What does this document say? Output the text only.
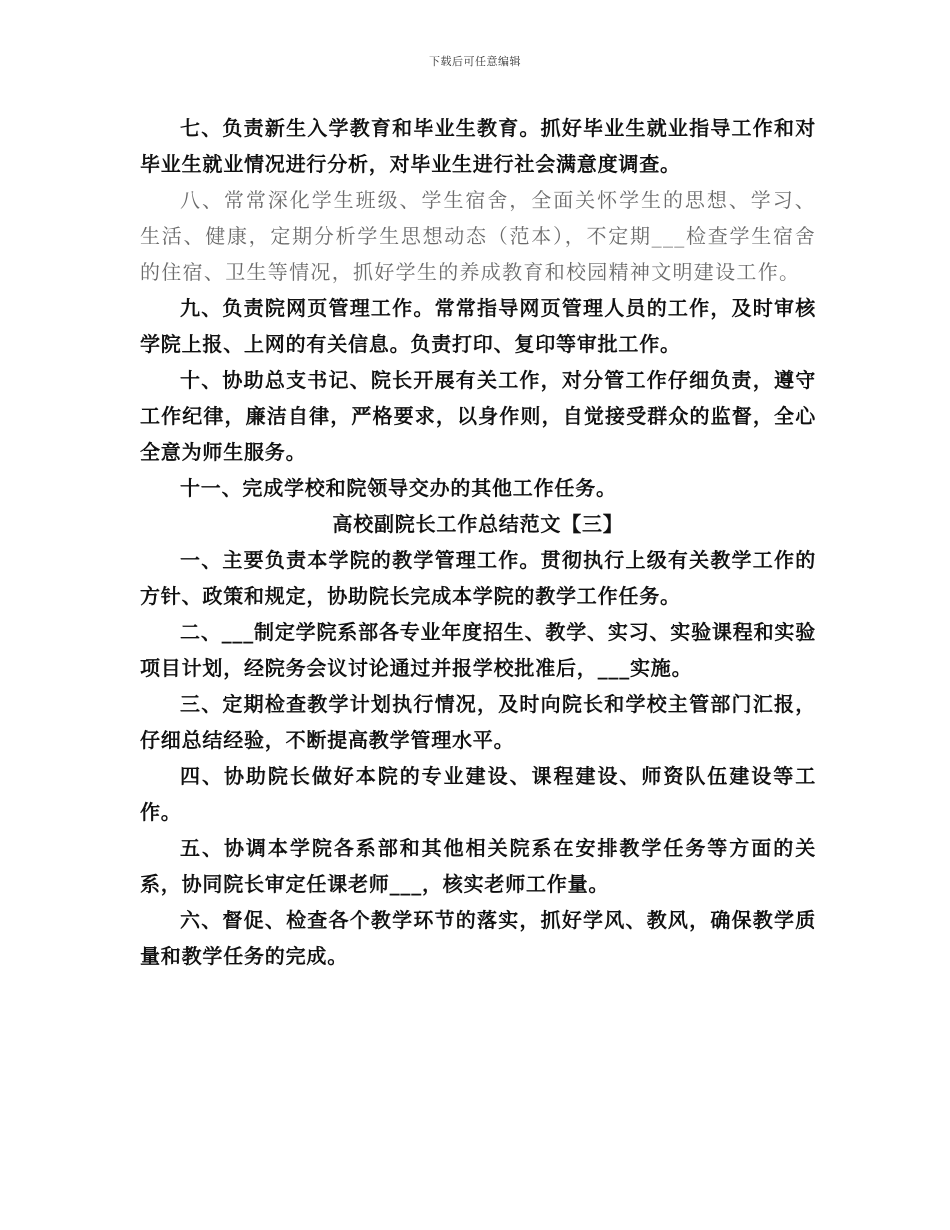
下载后可任意编辑

七、负责新生入学教育和毕业生教育。抓好毕业生就业指导工作和对毕业生就业情况进行分析，对毕业生进行社会满意度调查。

八、常常深化学生班级、学生宿舍，全面关怀学生的思想、学习、生活、健康，定期分析学生思想动态（范本），不定期___检查学生宿舍的住宿、卫生等情况，抓好学生的养成教育和校园精神文明建设工作。

九、负责院网页管理工作。常常指导网页管理人员的工作，及时审核学院上报、上网的有关信息。负责打印、复印等审批工作。

十、协助总支书记、院长开展有关工作，对分管工作仔细负责，遵守工作纪律，廉洁自律，严格要求，以身作则，自觉接受群众的监督，全心全意为师生服务。

十一、完成学校和院领导交办的其他工作任务。

高校副院长工作总结范文【三】

一、主要负责本学院的教学管理工作。贯彻执行上级有关教学工作的方针、政策和规定，协助院长完成本学院的教学工作任务。

二、___制定学院系部各专业年度招生、教学、实习、实验课程和实验项目计划，经院务会议讨论通过并报学校批准后，___实施。

三、定期检查教学计划执行情况，及时向院长和学校主管部门汇报，仔细总结经验，不断提高教学管理水平。

四、协助院长做好本院的专业建设、课程建设、师资队伍建设等工作。

五、协调本学院各系部和其他相关院系在安排教学任务等方面的关系，协同院长审定任课老师___，核实老师工作量。

六、督促、检查各个教学环节的落实，抓好学风、教风，确保教学质量和教学任务的完成。
